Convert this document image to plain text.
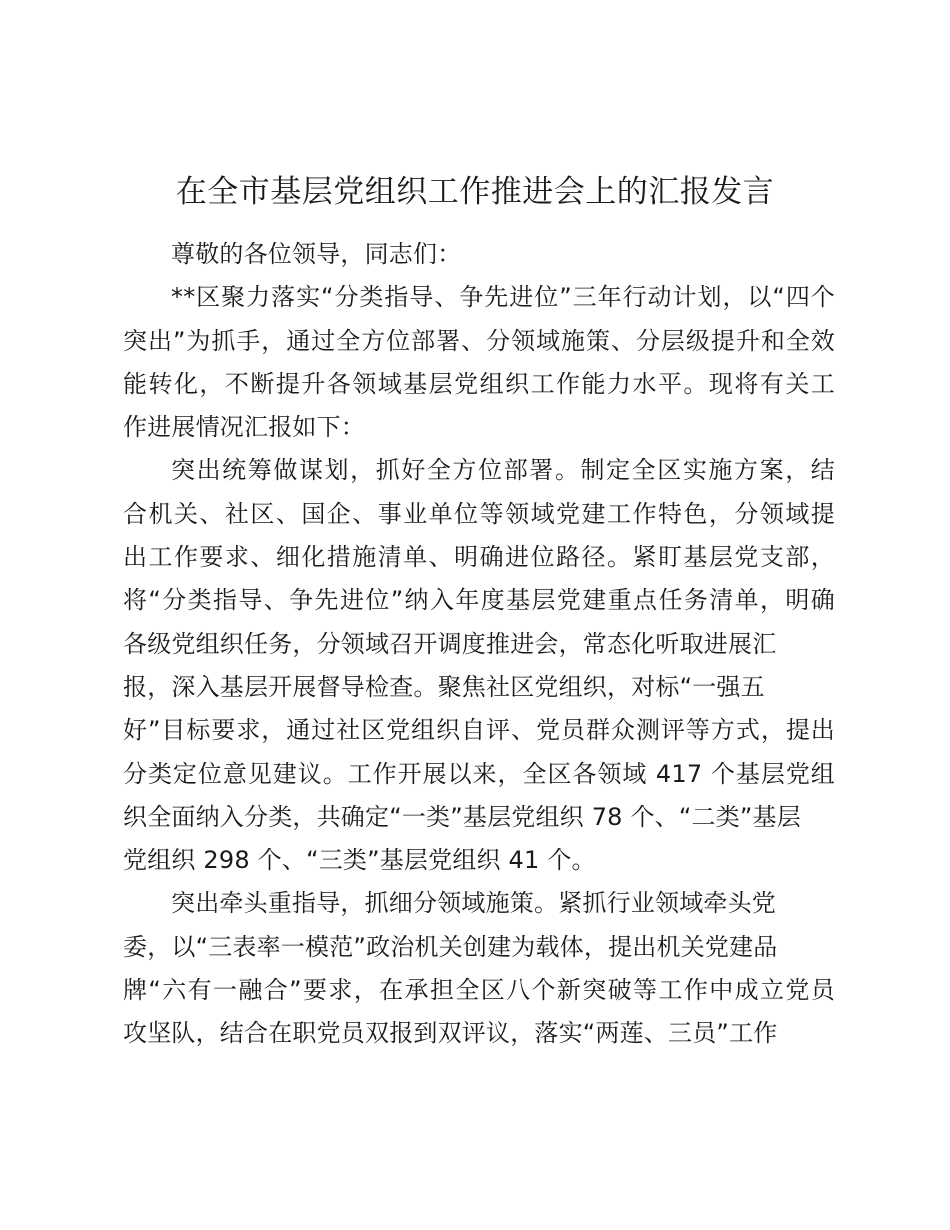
在全市基层党组织工作推进会上的汇报发言
尊敬的各位领导，同志们：
**区聚力落实“分类指导、争先进位”三年行动计划，以“四个
突出”为抓手，通过全方位部署、分领域施策、分层级提升和全效
能转化，不断提升各领域基层党组织工作能力水平。现将有关工
作进展情况汇报如下：
突出统筹做谋划，抓好全方位部署。制定全区实施方案，结
合机关、社区、国企、事业单位等领域党建工作特色，分领域提
出工作要求、细化措施清单、明确进位路径。紧盯基层党支部，
将“分类指导、争先进位”纳入年度基层党建重点任务清单，明确
各级党组织任务，分领域召开调度推进会，常态化听取进展汇
报，深入基层开展督导检查。聚焦社区党组织，对标“一强五
好”目标要求，通过社区党组织自评、党员群众测评等方式，提出
分类定位意见建议。工作开展以来，全区各领域 417 个基层党组
织全面纳入分类，共确定“一类”基层党组织 78 个、“二类”基层
党组织 298 个、“三类”基层党组织 41 个。
突出牵头重指导，抓细分领域施策。紧抓行业领域牵头党
委，以“三表率一模范”政治机关创建为载体，提出机关党建品
牌“六有一融合”要求，在承担全区八个新突破等工作中成立党员
攻坚队，结合在职党员双报到双评议，落实“两莲、三员”工作
